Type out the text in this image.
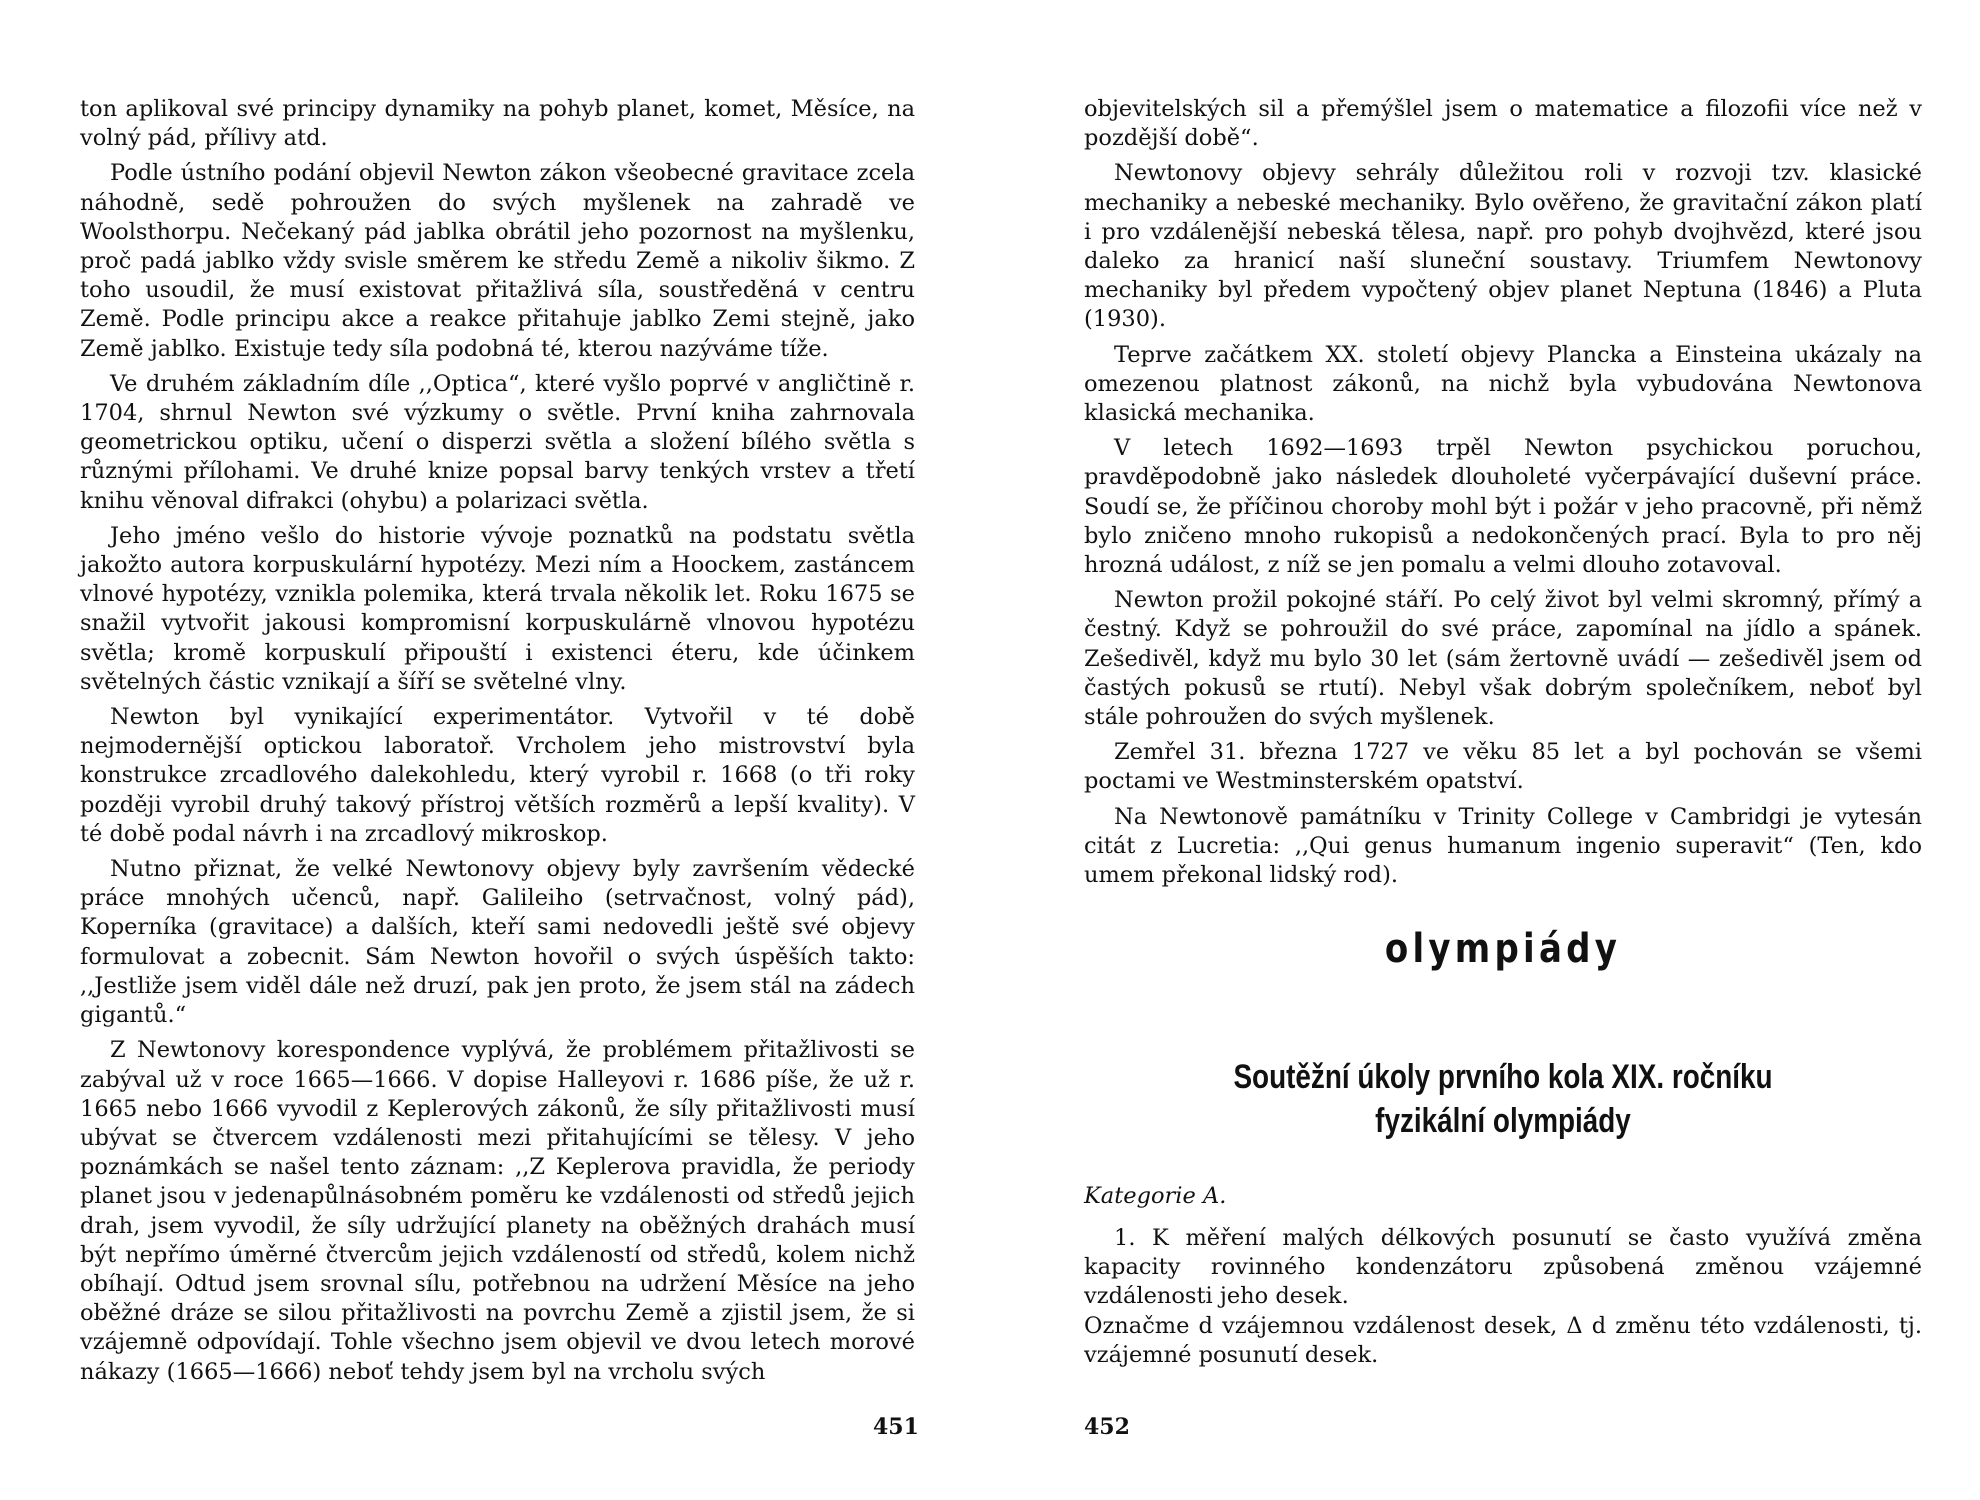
ton aplikoval své principy dynamiky na pohyb planet, komet, Měsíce, na volný pád, přílivy atd.

Podle ústního podání objevil Newton zákon všeobecné gravitace zcela náhodně, sedě pohroužen do svých myšlenek na zahradě ve Woolsthorpu. Nečekaný pád jablka obrátil jeho pozornost na myšlenku, proč padá jablko vždy svisle směrem ke středu Země a nikoliv šikmo. Z toho usoudil, že musí existovat přitažlivá síla, soustředěná v centru Země. Podle principu akce a reakce přitahuje jablko Zemi stejně, jako Země jablko. Existuje tedy síla podobná té, kterou nazýváme tíže.

Ve druhém základním díle ,,Optica“, které vyšlo poprvé v angličtině r. 1704, shrnul Newton své výzkumy o světle. První kniha zahrnovala geometrickou optiku, učení o disperzi světla a složení bílého světla s různými přílohami. Ve druhé knize popsal barvy tenkých vrstev a třetí knihu věnoval difrakci (ohybu) a polarizaci světla.

Jeho jméno vešlo do historie vývoje poznatků na podstatu světla jakožto autora korpuskulární hypotézy. Mezi ním a Hoockem, zastáncem vlnové hypotézy, vznikla polemika, která trvala několik let. Roku 1675 se snažil vytvořit jakousi kompromisní korpuskulárně vlnovou hypotézu světla; kromě korpuskulí připouští i existenci éteru, kde účinkem světelných částic vznikají a šíří se světelné vlny.

Newton byl vynikající experimentátor. Vytvořil v té době nejmodernější optickou laboratoř. Vrcholem jeho mistrovství byla konstrukce zrcadlového dalekohledu, který vyrobil r. 1668 (o tři roky později vyrobil druhý takový přístroj větších rozměrů a lepší kvality). V té době podal návrh i na zrcadlový mikroskop.

Nutno přiznat, že velké Newtonovy objevy byly završením vědecké práce mnohých učenců, např. Galileiho (setrvačnost, volný pád), Koperníka (gravitace) a dalších, kteří sami nedovedli ještě své objevy formulovat a zobecnit. Sám Newton hovořil o svých úspěších takto: ,,Jestliže jsem viděl dále než druzí, pak jen proto, že jsem stál na zádech gigantů.“

Z Newtonovy korespondence vyplývá, že problémem přitažlivosti se zabýval už v roce 1665—1666. V dopise Halleyovi r. 1686 píše, že už r. 1665 nebo 1666 vyvodil z Keplerových zákonů, že síly přitažlivosti musí ubývat se čtvercem vzdálenosti mezi přitahujícími se tělesy. V jeho poznámkách se našel tento záznam: ,,Z Keplerova pravidla, že periody planet jsou v jedenapůlnásobném poměru ke vzdálenosti od středů jejich drah, jsem vyvodil, že síly udržující planety na oběžných drahách musí být nepřímo úměrné čtvercům jejich vzdáleností od středů, kolem nichž obíhají. Odtud jsem srovnal sílu, potřebnou na udržení Měsíce na jeho oběžné dráze se silou přitažlivosti na povrchu Země a zjistil jsem, že si vzájemně odpovídají. Tohle všechno jsem objevil ve dvou letech morové nákazy (1665—1666) neboť tehdy jsem byl na vrcholu svých

451

objevitelských sil a přemýšlel jsem o matematice a filozofii více než v pozdější době“.

Newtonovy objevy sehrály důležitou roli v rozvoji tzv. klasické mechaniky a nebeské mechaniky. Bylo ověřeno, že gravitační zákon platí i pro vzdálenější nebeská tělesa, např. pro pohyb dvojhvězd, které jsou daleko za hranicí naší sluneční soustavy. Triumfem Newtonovy mechaniky byl předem vypočtený objev planet Neptuna (1846) a Pluta (1930).

Teprve začátkem XX. století objevy Plancka a Einsteina ukázaly na omezenou platnost zákonů, na nichž byla vybudována Newtonova klasická mechanika.

V letech 1692—1693 trpěl Newton psychickou poruchou, pravděpodobně jako následek dlouholeté vyčerpávající duševní práce. Soudí se, že příčinou choroby mohl být i požár v jeho pracovně, při němž bylo zničeno mnoho rukopisů a nedokončených prací. Byla to pro něj hrozná událost, z níž se jen pomalu a velmi dlouho zotavoval.

Newton prožil pokojné stáří. Po celý život byl velmi skromný, přímý a čestný. Když se pohroužil do své práce, zapomínal na jídlo a spánek. Zešedivěl, když mu bylo 30 let (sám žertovně uvádí — zešedivěl jsem od častých pokusů se rtutí). Nebyl však dobrým společníkem, neboť byl stále pohroužen do svých myšlenek.

Zemřel 31. března 1727 ve věku 85 let a byl pochován se všemi poctami ve Westminsterském opatství.

Na Newtonově památníku v Trinity College v Cambridgi je vytesán citát z Lucretia: ,,Qui genus humanum ingenio superavit“ (Ten, kdo umem překonal lidský rod).

olympiády
Soutěžní úkoly prvního kola XIX. ročníku
fyzikální olympiády
Kategorie A.

1. K měření malých délkových posunutí se často využívá změna kapacity rovinného kondenzátoru způsobená změnou vzájemné vzdálenosti jeho desek.

Označme d vzájemnou vzdálenost desek, Δ d změnu této vzdálenosti, tj. vzájemné posunutí desek.

452
